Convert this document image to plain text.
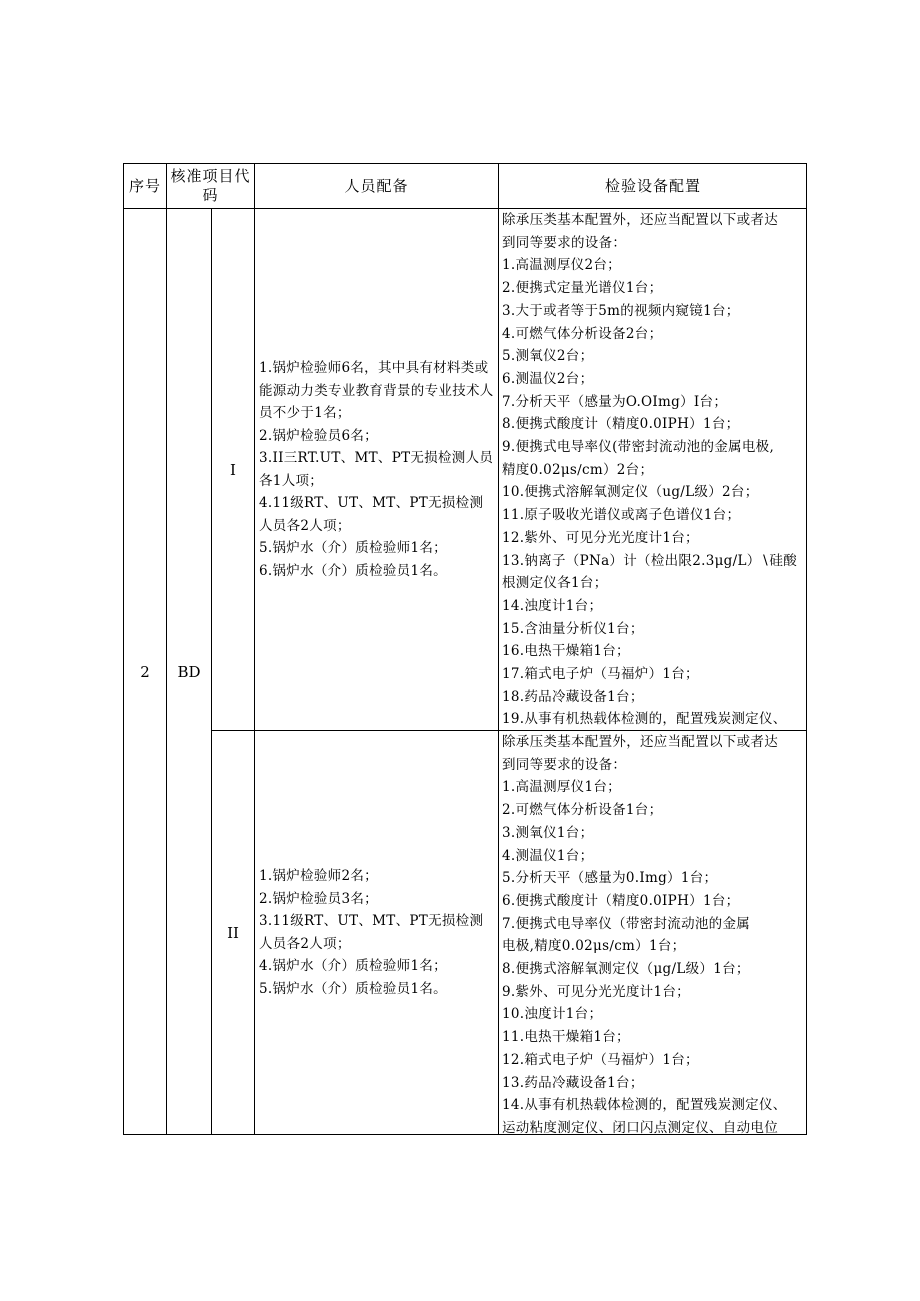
序号
核准项目代码
人员配备	检验设备配置
2	BD
I
1.锅炉检验师6名，其中具有材料类或能源动力类专业教育背景的专业技术人员不少于1名；
2.锅炉检验员6名；
3.II三RT.UT、MT、PT无损检测人员各1人项；
4.11级RT、UT、MT、PT无损检测人员各2人项；
5.锅炉水（介）质检验师1名；
6.锅炉水（介）质检验员1名。
除承压类基本配置外，还应当配置以下或者达
到同等要求的设备：
1.高温测厚仪2台；
2.便携式定量光谱仪1台；
3.大于或者等于5m的视频内窥镜1台；
4.可燃气体分析设备2台；
5.测氧仪2台；
6.测温仪2台；
7.分析天平（感量为O.OImg）I台；
8.便携式酸度计（精度0.0IPH）1台；
9.便携式电导率仪(带密封流动池的金属电极,
精度0.02μs∕cm）2台；
10.便携式溶解氧测定仪（ug/L级）2台；
11.原子吸收光谱仪或离子色谱仪1台；
12.紫外、可见分光光度计1台；
13.钠离子（PNa）计（检出限2.3μg/L）∖硅酸
根测定仪各1台；
14.浊度计1台；
15.含油量分析仪1台；
16.电热干燥箱1台；
17.箱式电子炉（马福炉）1台；
18.药品冷藏设备1台；
19.从事有机热载体检测的，配置残炭测定仪、
II
1.锅炉检验师2名；
2.锅炉检验员3名；
3.11级RT、UT、MT、PT无损检测人员各2人项；
4.锅炉水（介）质检验师1名；
5.锅炉水（介）质检验员1名。
除承压类基本配置外，还应当配置以下或者达
到同等要求的设备：
1.高温测厚仪1台；
2.可燃气体分析设备1台；
3.测氧仪1台；
4.测温仪1台；
5.分析天平（感量为0.Img）1台；
6.便携式酸度计（精度0.0IPH）1台；
7.便携式电导率仪（带密封流动池的金属
电极,精度0.02μs∕cm）1台；
8.便携式溶解氧测定仪（μg/L级）1台；
9.紫外、可见分光光度计1台；
10.浊度计1台；
11.电热干燥箱1台；
12.箱式电子炉（马福炉）1台；
13.药品冷藏设备1台；
14.从事有机热载体检测的，配置残炭测定仪、
运动粘度测定仪、闭口闪点测定仪、自动电位
